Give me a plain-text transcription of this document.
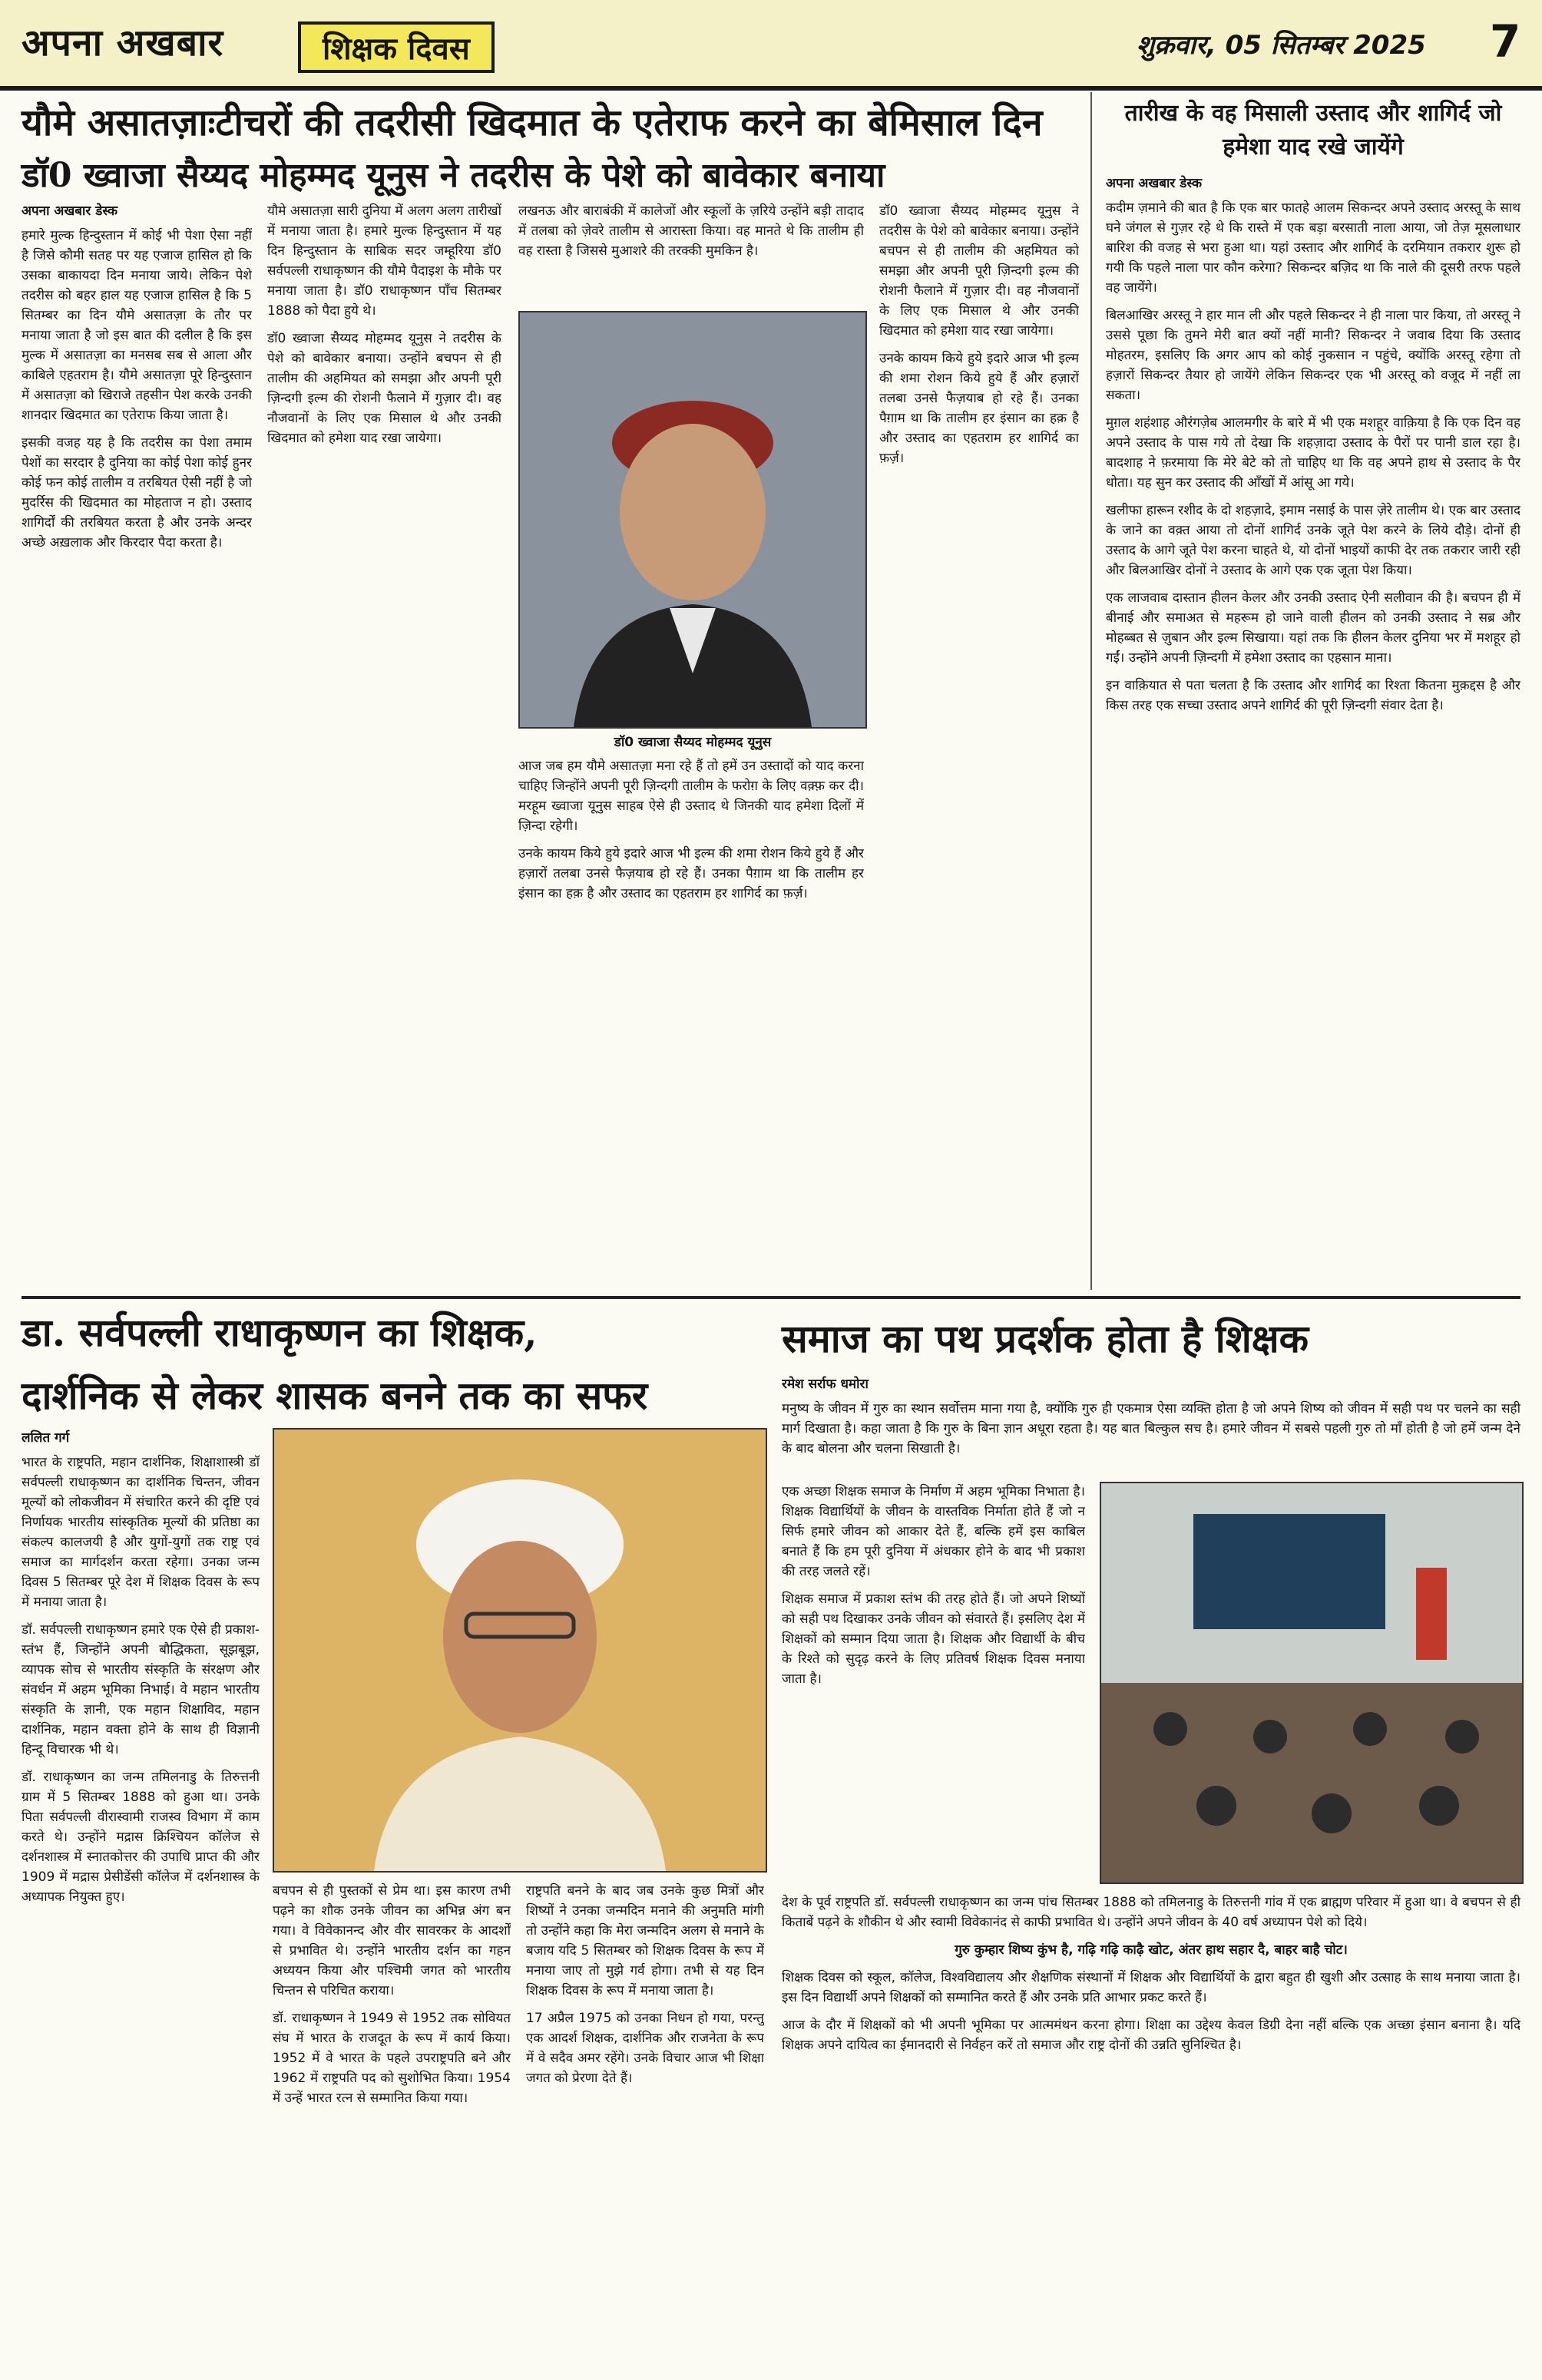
अपना अखबार	शिक्षक दिवस	शुक्रवार, 05 सितम्बर 2025 7
यौमे असातज़ाःटीचरों की तदरीसी खिदमात के एतेराफ करने का बेमिसाल दिन
डॉ0 ख्वाजा सैय्यद मोहम्मद यूनुस ने तदरीस के पेशे को बावेकार बनाया
अपना अखबार डेस्क

हमारे मुल्क हिन्दुस्तान में कोई भी पेशा ऐसा नहीं है जिसे कौमी सतह पर यह एजाज हासिल हो कि उसका बाकायदा दिन मनाया जाये। लेकिन पेशे तदरीस को बहर हाल यह एजाज हासिल है कि 5 सितम्बर का दिन यौमे असातज़ा के तौर पर मनाया जाता है जो इस बात की दलील है कि इस मुल्क में असातज़ा का मनसब सब से आला और काबिले एहतराम है। यौमे असातज़ा पूरे हिन्दुस्तान में असातज़ा को खिराजे तहसीन पेश करके उनकी शानदार खिदमात का एतेराफ किया जाता है।

इसकी वजह यह है कि तदरीस का पेशा तमाम पेशों का सरदार है दुनिया का कोई पेशा कोई हुनर कोई फन कोई तालीम व तरबियत ऐसी नहीं है जो मुदर्रिस की खिदमात का मोहताज न हो। उस्ताद शागिर्दों की तरबियत करता है और उनके अन्दर अच्छे अख़लाक और किरदार पैदा करता है।

यौमे असातज़ा सारी दुनिया में अलग अलग तारीखों में मनाया जाता है। हमारे मुल्क हिन्दुस्तान में यह दिन हिन्दुस्तान के साबिक सदर जम्हूरिया डॉ0 सर्वपल्ली राधाकृष्णन की यौमे पैदाइश के मौके पर मनाया जाता है। डॉ0 राधाकृष्णन पाँच सितम्बर 1888 को पैदा हुये थे।

डॉ0 ख्वाजा सैय्यद मोहम्मद यूनुस ने तदरीस के पेशे को बावेकार बनाया। उन्होंने बचपन से ही तालीम की अहमियत को समझा और अपनी पूरी ज़िन्दगी इल्म की रोशनी फैलाने में गुज़ार दी। वह नौजवानों के लिए एक मिसाल थे और उनकी खिदमात को हमेशा याद रखा जायेगा।

लखनऊ और बाराबंकी में कालेजों और स्कूलों के ज़रिये उन्होंने बड़ी तादाद में तलबा को ज़ेवरे तालीम से आरास्ता किया। वह मानते थे कि तालीम ही वह रास्ता है जिससे मुआशरे की तरक्की मुमकिन है।

डॉ0 ख्वाजा सैय्यद मोहम्मद यूनुस

आज जब हम यौमे असातज़ा मना रहे हैं तो हमें उन उस्तादों को याद करना चाहिए जिन्होंने अपनी पूरी ज़िन्दगी तालीम के फरोग़ के लिए वक़्फ़ कर दी। मरहूम ख्वाजा यूनुस साहब ऐसे ही उस्ताद थे जिनकी याद हमेशा दिलों में ज़िन्दा रहेगी।

उनके कायम किये हुये इदारे आज भी इल्म की शमा रोशन किये हुये हैं और हज़ारों तलबा उनसे फैज़याब हो रहे हैं। उनका पैग़ाम था कि तालीम हर इंसान का हक़ है और उस्ताद का एहतराम हर शागिर्द का फ़र्ज़।

डॉ0 ख्वाजा सैय्यद मोहम्मद यूनुस ने तदरीस के पेशे को बावेकार बनाया। उन्होंने बचपन से ही तालीम की अहमियत को समझा और अपनी पूरी ज़िन्दगी इल्म की रोशनी फैलाने में गुज़ार दी। वह नौजवानों के लिए एक मिसाल थे और उनकी खिदमात को हमेशा याद रखा जायेगा।

उनके कायम किये हुये इदारे आज भी इल्म की शमा रोशन किये हुये हैं और हज़ारों तलबा उनसे फैज़याब हो रहे हैं। उनका पैग़ाम था कि तालीम हर इंसान का हक़ है और उस्ताद का एहतराम हर शागिर्द का फ़र्ज़।

तारीख के वह मिसाली उस्ताद और शागिर्द जो हमेशा याद रखे जायेंगे
अपना अखबार डेस्क

कदीम ज़माने की बात है कि एक बार फातहे आलम सिकन्दर अपने उस्ताद अरस्तू के साथ घने जंगल से गुज़र रहे थे कि रास्ते में एक बड़ा बरसाती नाला आया, जो तेज़ मूसलाधार बारिश की वजह से भरा हुआ था। यहां उस्ताद और शागिर्द के दरमियान तकरार शुरू हो गयी कि पहले नाला पार कौन करेगा? सिकन्दर बज़िद था कि नाले की दूसरी तरफ पहले वह जायेंगे।

बिलआखिर अरस्तू ने हार मान ली और पहले सिकन्दर ने ही नाला पार किया, तो अरस्तू ने उससे पूछा कि तुमने मेरी बात क्यों नहीं मानी? सिकन्दर ने जवाब दिया कि उस्ताद मोहतरम, इसलिए कि अगर आप को कोई नुकसान न पहुंचे, क्योंकि अरस्तू रहेगा तो हज़ारों सिकन्दर तैयार हो जायेंगे लेकिन सिकन्दर एक भी अरस्तू को वजूद में नहीं ला सकता।

मुग़ल शहंशाह औरंगज़ेब आलमगीर के बारे में भी एक मशहूर वाक़िया है कि एक दिन वह अपने उस्ताद के पास गये तो देखा कि शहज़ादा उस्ताद के पैरों पर पानी डाल रहा है। बादशाह ने फ़रमाया कि मेरे बेटे को तो चाहिए था कि वह अपने हाथ से उस्ताद के पैर धोता। यह सुन कर उस्ताद की आँखों में आंसू आ गये।

खलीफा हारून रशीद के दो शहज़ादे, इमाम नसाई के पास ज़ेरे तालीम थे। एक बार उस्ताद के जाने का वक़्त आया तो दोनों शागिर्द उनके जूते पेश करने के लिये दौड़े। दोनों ही उस्ताद के आगे जूते पेश करना चाहते थे, यो दोनों भाइयों काफी देर तक तकरार जारी रही और बिलआखिर दोनों ने उस्ताद के आगे एक एक जूता पेश किया।

एक लाजवाब दास्तान हीलन केलर और उनकी उस्ताद ऐनी सलीवान की है। बचपन ही में बीनाई और समाअत से महरूम हो जाने वाली हीलन को उनकी उस्ताद ने सब्र और मोहब्बत से ज़ुबान और इल्म सिखाया। यहां तक कि हीलन केलर दुनिया भर में मशहूर हो गईं। उन्होंने अपनी ज़िन्दगी में हमेशा उस्ताद का एहसान माना।

इन वाक़ियात से पता चलता है कि उस्ताद और शागिर्द का रिश्ता कितना मुक़द्दस है और किस तरह एक सच्चा उस्ताद अपने शागिर्द की पूरी ज़िन्दगी संवार देता है।

डा. सर्वपल्ली राधाकृष्णन का शिक्षक,
दार्शनिक से लेकर शासक बनने तक का सफर
ललित गर्ग

भारत के राष्ट्रपति, महान दार्शनिक, शिक्षाशास्त्री डॉ सर्वपल्ली राधाकृष्णन का दार्शनिक चिन्तन, जीवन मूल्यों को लोकजीवन में संचारित करने की दृष्टि एवं निर्णायक भारतीय सांस्कृतिक मूल्यों की प्रतिष्ठा का संकल्प कालजयी है और युगों-युगों तक राष्ट्र एवं समाज का मार्गदर्शन करता रहेगा। उनका जन्म दिवस 5 सितम्बर पूरे देश में शिक्षक दिवस के रूप में मनाया जाता है।

डॉ. सर्वपल्ली राधाकृष्णन हमारे एक ऐसे ही प्रकाश-स्तंभ हैं, जिन्होंने अपनी बौद्धिकता, सूझबूझ, व्यापक सोच से भारतीय संस्कृति के संरक्षण और संवर्धन में अहम भूमिका निभाई। वे महान भारतीय संस्कृति के ज्ञानी, एक महान शिक्षाविद, महान दार्शनिक, महान वक्ता होने के साथ ही विज्ञानी हिन्दू विचारक भी थे।

डॉ. राधाकृष्णन का जन्म तमिलनाडु के तिरुत्तनी ग्राम में 5 सितम्बर 1888 को हुआ था। उनके पिता सर्वपल्ली वीरास्वामी राजस्व विभाग में काम करते थे। उन्होंने मद्रास क्रिश्चियन कॉलेज से दर्शनशास्त्र में स्नातकोत्तर की उपाधि प्राप्त की और 1909 में मद्रास प्रेसीडेंसी कॉलेज में दर्शनशास्त्र के अध्यापक नियुक्त हुए।	बचपन से ही पुस्तकों से प्रेम था। इस कारण तभी पढ़ने का शौक उनके जीवन का अभिन्न अंग बन गया। वे विवेकानन्द और वीर सावरकर के आदर्शों से प्रभावित थे। उन्होंने भारतीय दर्शन का गहन अध्ययन किया और पश्चिमी जगत को भारतीय चिन्तन से परिचित कराया।

डॉ. राधाकृष्णन ने 1949 से 1952 तक सोवियत संघ में भारत के राजदूत के रूप में कार्य किया। 1952 में वे भारत के पहले उपराष्ट्रपति बने और 1962 में राष्ट्रपति पद को सुशोभित किया। 1954 में उन्हें भारत रत्न से सम्मानित किया गया।

राष्ट्रपति बनने के बाद जब उनके कुछ मित्रों और शिष्यों ने उनका जन्मदिन मनाने की अनुमति मांगी तो उन्होंने कहा कि मेरा जन्मदिन अलग से मनाने के बजाय यदि 5 सितम्बर को शिक्षक दिवस के रूप में मनाया जाए तो मुझे गर्व होगा। तभी से यह दिन शिक्षक दिवस के रूप में मनाया जाता है।

17 अप्रैल 1975 को उनका निधन हो गया, परन्तु एक आदर्श शिक्षक, दार्शनिक और राजनेता के रूप में वे सदैव अमर रहेंगे। उनके विचार आज भी शिक्षा जगत को प्रेरणा देते हैं।

समाज का पथ प्रदर्शक होता है शिक्षक
रमेश सर्राफ धमोरा

मनुष्य के जीवन में गुरु का स्थान सर्वोत्तम माना गया है, क्योंकि गुरु ही एकमात्र ऐसा व्यक्ति होता है जो अपने शिष्य को जीवन में सही पथ पर चलने का सही मार्ग दिखाता है। कहा जाता है कि गुरु के बिना ज्ञान अधूरा रहता है। यह बात बिल्कुल सच है। हमारे जीवन में सबसे पहली गुरु तो माँ होती है जो हमें जन्म देने के बाद बोलना और चलना सिखाती है।

एक अच्छा शिक्षक समाज के निर्माण में अहम भूमिका निभाता है। शिक्षक विद्यार्थियों के जीवन के वास्तविक निर्माता होते हैं जो न सिर्फ हमारे जीवन को आकार देते हैं, बल्कि हमें इस काबिल बनाते हैं कि हम पूरी दुनिया में अंधकार होने के बाद भी प्रकाश की तरह जलते रहें।

शिक्षक समाज में प्रकाश स्तंभ की तरह होते हैं। जो अपने शिष्यों को सही पथ दिखाकर उनके जीवन को संवारते हैं। इसलिए देश में शिक्षकों को सम्मान दिया जाता है। शिक्षक और विद्यार्थी के बीच के रिश्ते को सुदृढ़ करने के लिए प्रतिवर्ष शिक्षक दिवस मनाया जाता है।

देश के पूर्व राष्ट्रपति डॉ. सर्वपल्ली राधाकृष्णन का जन्म पांच सितम्बर 1888 को तमिलनाडु के तिरुत्तनी गांव में एक ब्राह्मण परिवार में हुआ था। वे बचपन से ही किताबें पढ़ने के शौकीन थे और स्वामी विवेकानंद से काफी प्रभावित थे। उन्होंने अपने जीवन के 40 वर्ष अध्यापन पेशे को दिये।

गुरु कुम्हार शिष्य कुंभ है, गढ़ि गढ़ि काढ़ै खोट, अंतर हाथ सहार दै, बाहर बाहै चोट।

शिक्षक दिवस को स्कूल, कॉलेज, विश्वविद्यालय और शैक्षणिक संस्थानों में शिक्षक और विद्यार्थियों के द्वारा बहुत ही खुशी और उत्साह के साथ मनाया जाता है। इस दिन विद्यार्थी अपने शिक्षकों को सम्मानित करते हैं और उनके प्रति आभार प्रकट करते हैं।

आज के दौर में शिक्षकों को भी अपनी भूमिका पर आत्ममंथन करना होगा। शिक्षा का उद्देश्य केवल डिग्री देना नहीं बल्कि एक अच्छा इंसान बनाना है। यदि शिक्षक अपने दायित्व का ईमानदारी से निर्वहन करें तो समाज और राष्ट्र दोनों की उन्नति सुनिश्चित है।
